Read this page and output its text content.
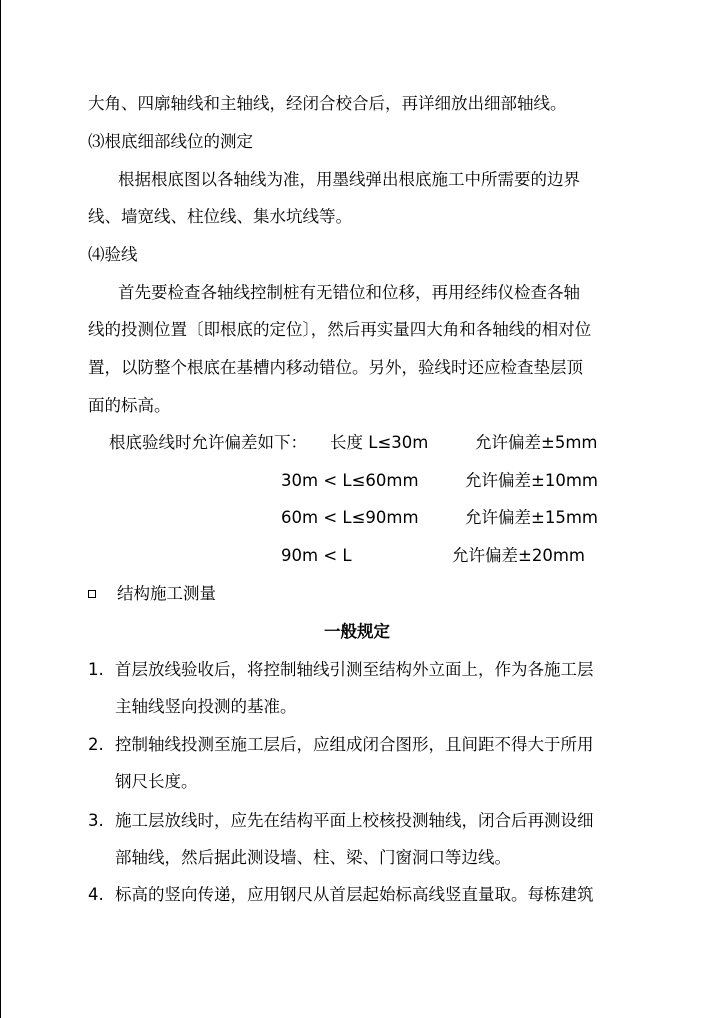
大角、四廓轴线和主轴线，经闭合校合后，再详细放出细部轴线。
⑶根底细部线位的测定
根据根底图以各轴线为准，用墨线弹出根底施工中所需要的边界
线、墙宽线、柱位线、集水坑线等。
⑷验线
首先要检查各轴线控制桩有无错位和位移，再用经纬仪检查各轴
线的投测位置〔即根底的定位〕，然后再实量四大角和各轴线的相对位
置，以防整个根底在基槽内移动错位。另外，验线时还应检查垫层顶
面的标高。
根底验线时允许偏差如下： 长度 L≤30m	允许偏差±5mm
30m < L≤60mm	允许偏差±10mm
60m < L≤90mm	允许偏差±15mm
90m < L	允许偏差±20mm
结构施工测量
一般规定
1. 首层放线验收后，将控制轴线引测至结构外立面上，作为各施工层
主轴线竖向投测的基准。
2. 控制轴线投测至施工层后，应组成闭合图形，且间距不得大于所用
钢尺长度。
3. 施工层放线时，应先在结构平面上校核投测轴线，闭合后再测设细
部轴线，然后据此测设墙、柱、梁、门窗洞口等边线。
4. 标高的竖向传递，应用钢尺从首层起始标高线竖直量取。每栋建筑
